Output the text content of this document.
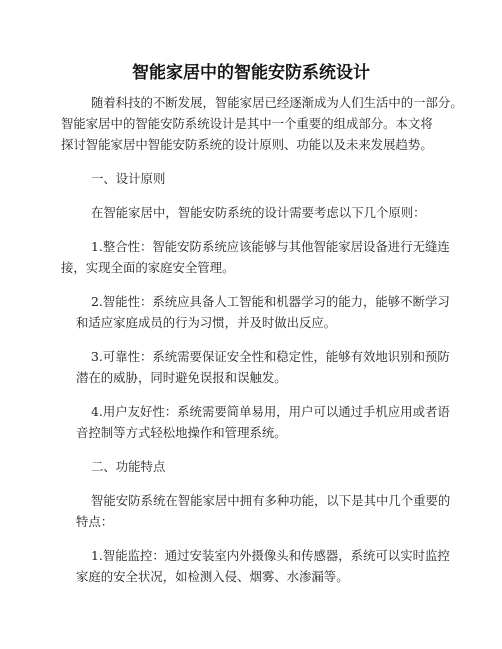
智能家居中的智能安防系统设计
随着科技的不断发展，智能家居已经逐渐成为人们生活中的一部分。
智能家居中的智能安防系统设计是其中一个重要的组成部分。本文将
探讨智能家居中智能安防系统的设计原则、功能以及未来发展趋势。
一、设计原则
在智能家居中，智能安防系统的设计需要考虑以下几个原则：
1.整合性：智能安防系统应该能够与其他智能家居设备进行无缝连
接，实现全面的家庭安全管理。
2.智能性：系统应具备人工智能和机器学习的能力，能够不断学习
和适应家庭成员的行为习惯，并及时做出反应。
3.可靠性：系统需要保证安全性和稳定性，能够有效地识别和预防
潜在的威胁，同时避免误报和误触发。
4.用户友好性：系统需要简单易用，用户可以通过手机应用或者语
音控制等方式轻松地操作和管理系统。
二、功能特点
智能安防系统在智能家居中拥有多种功能，以下是其中几个重要的
特点：
1.智能监控：通过安装室内外摄像头和传感器，系统可以实时监控
家庭的安全状况，如检测入侵、烟雾、水渗漏等。
